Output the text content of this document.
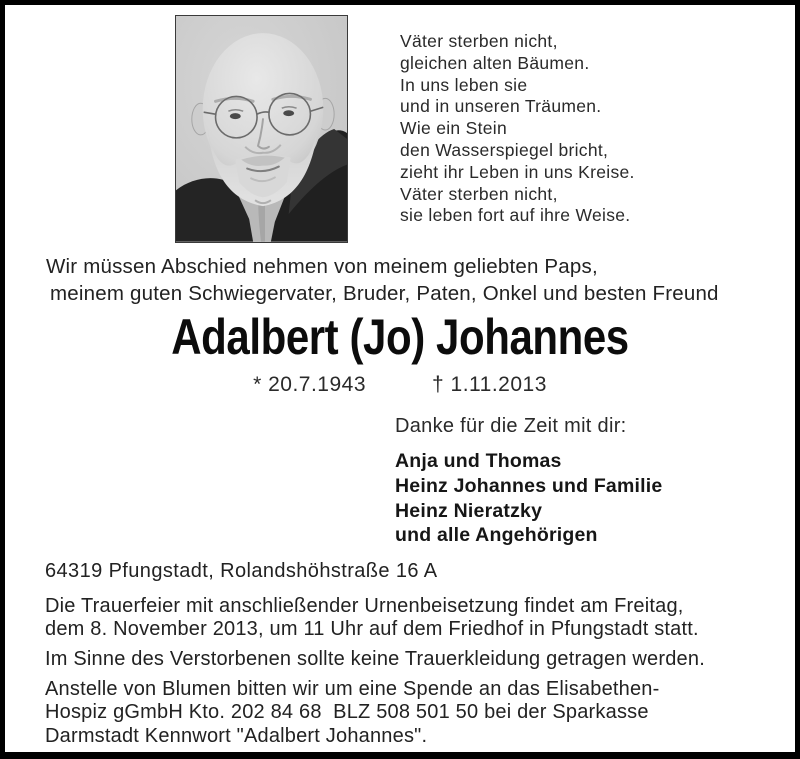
Väter sterben nicht,
gleichen alten Bäumen.
In uns leben sie
und in unseren Träumen.
Wie ein Stein
den Wasserspiegel bricht,
zieht ihr Leben in uns Kreise.
Väter sterben nicht,
sie leben fort auf ihre Weise.
Wir müssen Abschied nehmen von meinem geliebten Paps,
meinem guten Schwiegervater, Bruder, Paten, Onkel und besten Freund
Adalbert (Jo) Johannes
* 20.7.1943	† 1.11.2013
Danke für die Zeit mit dir:
Anja und Thomas
Heinz Johannes und Familie
Heinz Nieratzky
und alle Angehörigen
64319 Pfungstadt, Rolandshöhstraße 16 A
Die Trauerfeier mit anschließender Urnenbeisetzung findet am Freitag,
dem 8. November 2013, um 11 Uhr auf dem Friedhof in Pfungstadt statt.
Im Sinne des Verstorbenen sollte keine Trauerkleidung getragen werden.
Anstelle von Blumen bitten wir um eine Spende an das Elisabethen-
Hospiz gGmbH Kto. 202 84 68  BLZ 508 501 50 bei der Sparkasse
Darmstadt Kennwort "Adalbert Johannes".
